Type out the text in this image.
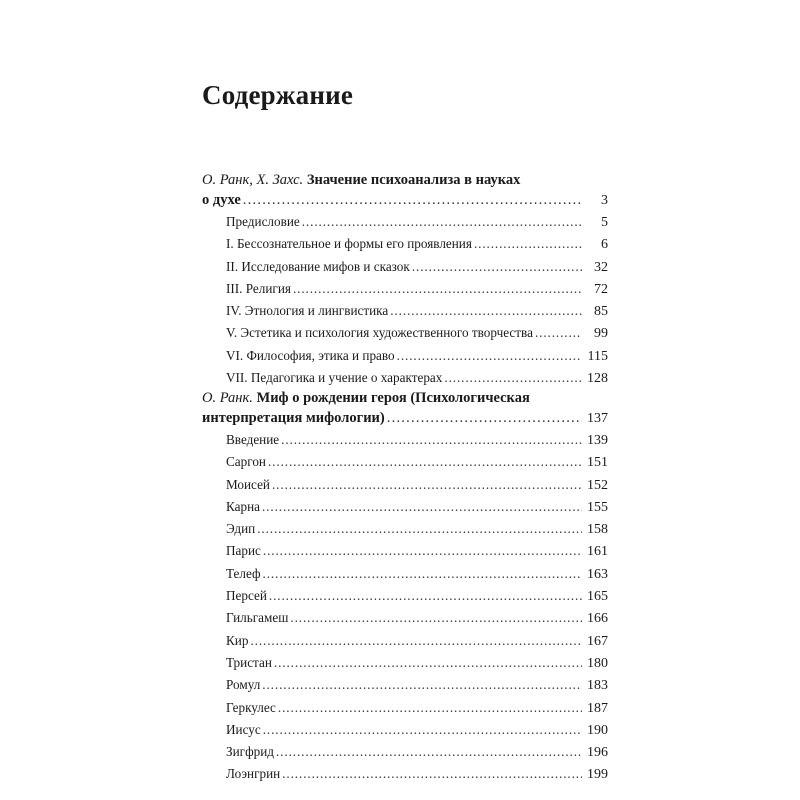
Содержание
О. Ранк, Х. Захс. Значение психоанализа в науках
о духе . . .	3
Предисловие . . .	5
I. Бессознательное и формы его проявления . . .	6
II. Исследование мифов и сказок . . .	32
III. Религия . . .	72
IV. Этнология и лингвистика . . .	85
V. Эстетика и психология художественного творчества . . .	99
VI. Философия, этика и право . . .	115
VII. Педагогика и учение о характерах . . .	128
О. Ранк. Миф о рождении героя (Психологическая
интерпретация мифологии) . . .	137
Введение . . .	139
Саргон . . .	151
Моисей . . .	152
Карна . . .	155
Эдип . . .	158
Парис . . .	161
Телеф . . .	163
Персей . . .	165
Гильгамеш . . .	166
Кир . . .	167
Тристан . . .	180
Ромул . . .	183
Геркулес . . .	187
Иисус . . .	190
Зигфрид . . .	196
Лоэнгрин . . .	199
